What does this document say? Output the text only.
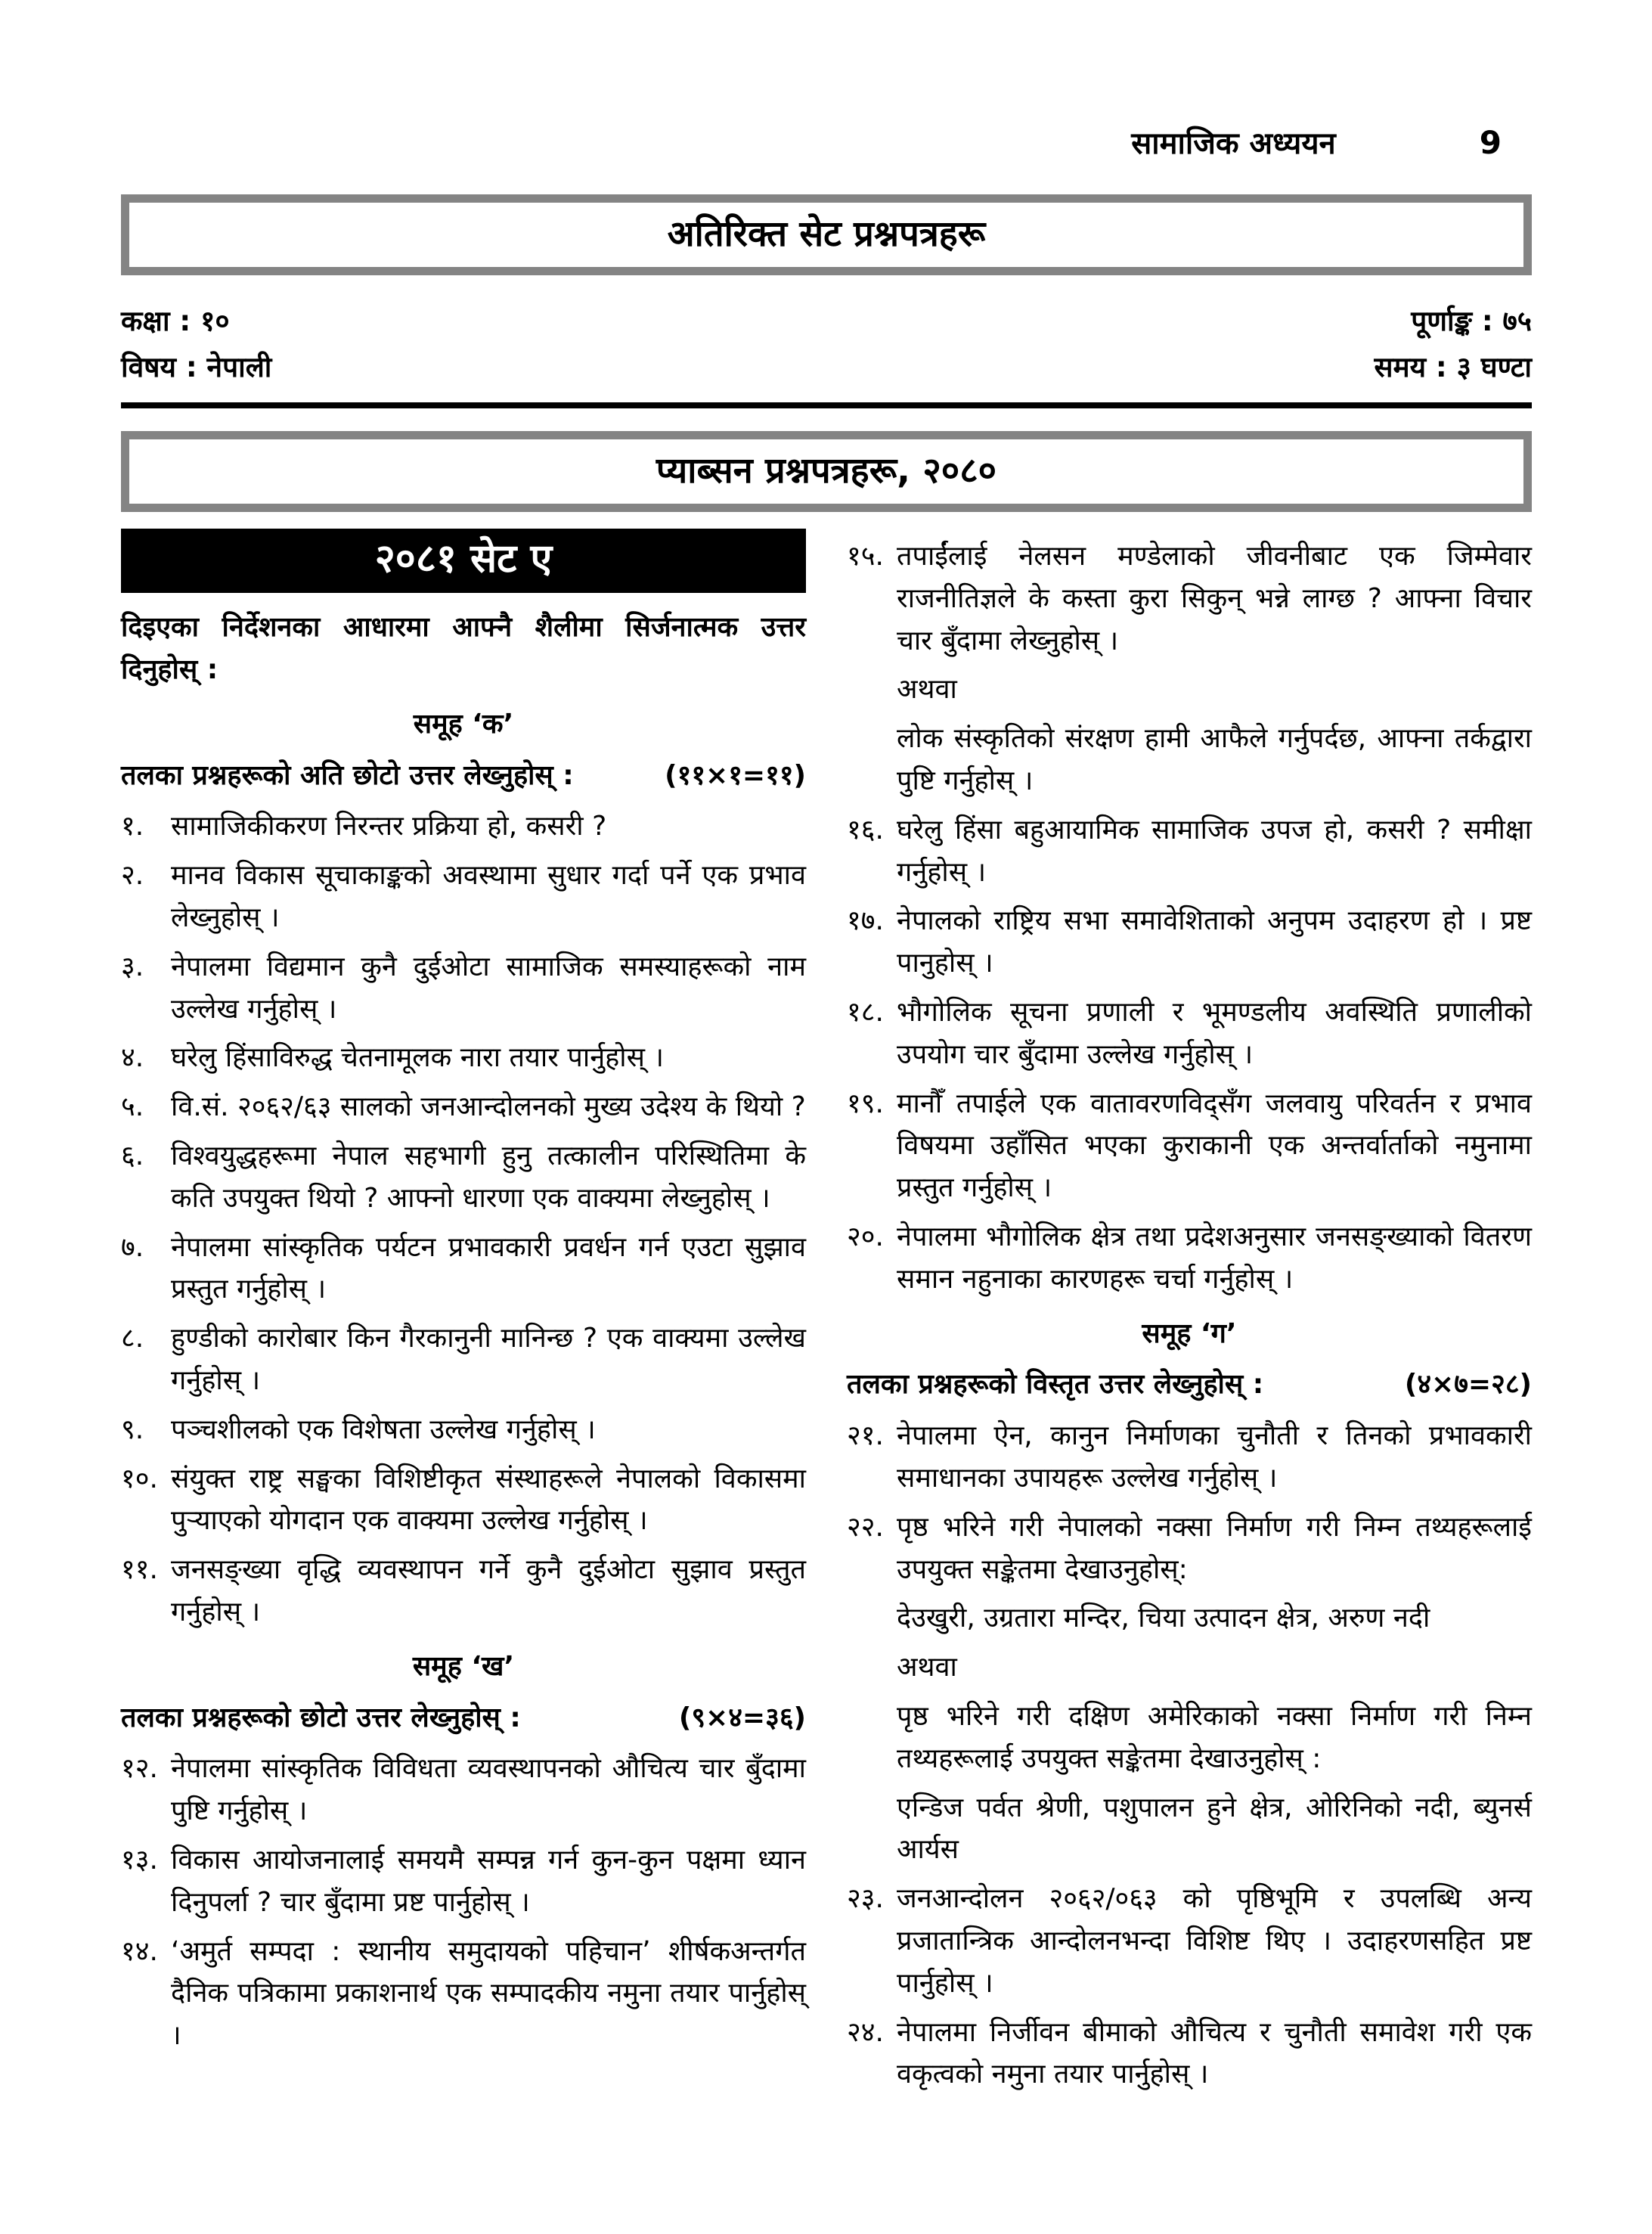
सामाजिक अध्ययन	9
अतिरिक्त सेट प्रश्नपत्रहरू
कक्षा : १०	पूर्णाङ्क : ७५
विषय : नेपाली	समय : ३ घण्टा
प्याब्सन प्रश्नपत्रहरू, २०८०
२०८१ सेट ए
दिइएका निर्देशनका आधारमा आफ्नै शैलीमा सिर्जनात्मक उत्तर दिनुहोस् :
समूह ‘क’
तलका प्रश्नहरूको अति छोटो उत्तर लेख्नुहोस् :	(११×१=११)
१. सामाजिकीकरण निरन्तर प्रक्रिया हो, कसरी ?
२. मानव विकास सूचाकाङ्कको अवस्थामा सुधार गर्दा पर्ने एक प्रभाव लेख्नुहोस् ।
३. नेपालमा विद्यमान कुनै दुईओटा सामाजिक समस्याहरूको नाम उल्लेख गर्नुहोस् ।
४. घरेलु हिंसाविरुद्ध चेतनामूलक नारा तयार पार्नुहोस् ।
५. वि.सं. २०६२/६३ सालको जनआन्दोलनको मुख्य उदेश्य के थियो ?
६. विश्वयुद्धहरूमा नेपाल सहभागी हुनु तत्कालीन परिस्थितिमा के कति उपयुक्त थियो ? आफ्नो धारणा एक वाक्यमा लेख्नुहोस् ।
७. नेपालमा सांस्कृतिक पर्यटन प्रभावकारी प्रवर्धन गर्न एउटा सुझाव प्रस्तुत गर्नुहोस् ।
८. हुण्डीको कारोबार किन गैरकानुनी मानिन्छ ? एक वाक्यमा उल्लेख गर्नुहोस् ।
९. पञ्चशीलको एक विशेषता उल्लेख गर्नुहोस् ।
१०. संयुक्त राष्ट्र सङ्घका विशिष्टीकृत संस्थाहरूले नेपालको विकासमा पुऱ्याएको योगदान एक वाक्यमा उल्लेख गर्नुहोस् ।
११. जनसङ्ख्या वृद्धि व्यवस्थापन गर्ने कुनै दुईओटा सुझाव प्रस्तुत गर्नुहोस् ।
समूह ‘ख’
तलका प्रश्नहरूको छोटो उत्तर लेख्नुहोस् :	(९×४=३६)
१२. नेपालमा सांस्कृतिक विविधता व्यवस्थापनको औचित्य चार बुँदामा पुष्टि गर्नुहोस् ।
१३. विकास आयोजनालाई समयमै सम्पन्न गर्न कुन-कुन पक्षमा ध्यान दिनुपर्ला ? चार बुँदामा प्रष्ट पार्नुहोस् ।
१४. ‘अमुर्त सम्पदा : स्थानीय समुदायको पहिचान’ शीर्षकअन्तर्गत दैनिक पत्रिकामा प्रकाशनार्थ एक सम्पादकीय नमुना तयार पार्नुहोस् ।
१५. तपाईंलाई नेलसन मण्डेलाको जीवनीबाट एक जिम्मेवार राजनीतिज्ञले के कस्ता कुरा सिकुन् भन्ने लाग्छ ? आफ्ना विचार चार बुँदामा लेख्नुहोस् ।
अथवा
लोक संस्कृतिको संरक्षण हामी आफैले गर्नुपर्दछ, आफ्ना तर्कद्वारा पुष्टि गर्नुहोस् ।
१६. घरेलु हिंसा बहुआयामिक सामाजिक उपज हो, कसरी ? समीक्षा गर्नुहोस् ।
१७. नेपालको राष्ट्रिय सभा समावेशिताको अनुपम उदाहरण हो । प्रष्ट पानुहोस् ।
१८. भौगोलिक सूचना प्रणाली र भूमण्डलीय अवस्थिति प्रणालीको उपयोग चार बुँदामा उल्लेख गर्नुहोस् ।
१९. मानौँ तपाईले एक वातावरणविद्सँग जलवायु परिवर्तन र प्रभाव विषयमा उहाँसित भएका कुराकानी एक अन्तर्वार्ताको नमुनामा प्रस्तुत गर्नुहोस् ।
२०. नेपालमा भौगोलिक क्षेत्र तथा प्रदेशअनुसार जनसङ्ख्याको वितरण समान नहुनाका कारणहरू चर्चा गर्नुहोस् ।
समूह ‘ग’
तलका प्रश्नहरूको विस्तृत उत्तर लेख्नुहोस् :	(४×७=२८)
२१. नेपालमा ऐन, कानुन निर्माणका चुनौती र तिनको प्रभावकारी समाधानका उपायहरू उल्लेख गर्नुहोस् ।
२२. पृष्ठ भरिने गरी नेपालको नक्सा निर्माण गरी निम्न तथ्यहरूलाई उपयुक्त सङ्केतमा देखाउनुहोस्:
देउखुरी, उग्रतारा मन्दिर, चिया उत्पादन क्षेत्र, अरुण नदी
अथवा
पृष्ठ भरिने गरी दक्षिण अमेरिकाको नक्सा निर्माण गरी निम्न तथ्यहरूलाई उपयुक्त सङ्केतमा देखाउनुहोस् :
एन्डिज पर्वत श्रेणी, पशुपालन हुने क्षेत्र, ओरिनिको नदी, ब्युनर्स आर्यस
२३. जनआन्दोलन २०६२/०६३ को पृष्ठिभूमि र उपलब्धि अन्य प्रजातान्त्रिक आन्दोलनभन्दा विशिष्ट थिए । उदाहरणसहित प्रष्ट पार्नुहोस् ।
२४. नेपालमा निर्जीवन बीमाको औचित्य र चुनौती समावेश गरी एक वकृत्वको नमुना तयार पार्नुहोस् ।
